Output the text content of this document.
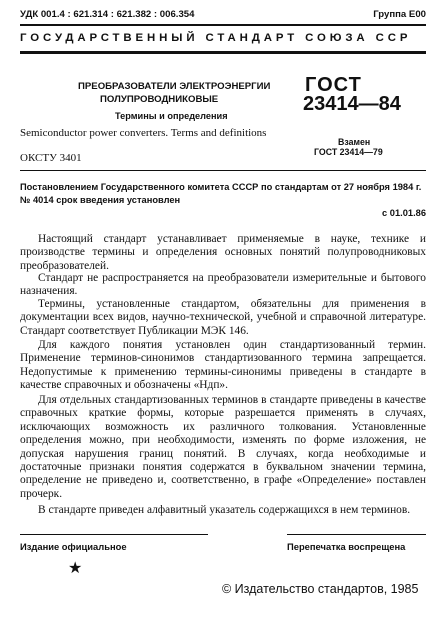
УДК 001.4 : 621.314 : 621.382 : 006.354	Группа Е00
ГОСУДАРСТВЕННЫЙ СТАНДАРТ СОЮЗА ССР
ПРЕОБРАЗОВАТЕЛИ ЭЛЕКТРОЭНЕРГИИ
ПОЛУПРОВОДНИКОВЫЕ
Термины и определения
Semiconductor power converters. Terms and definitions
ГОСТ
23414—84
Взамен
ГОСТ 23414—79
ОКСТУ 3401
Постановлением Государственного комитета СССР по стандартам от 27 ноября 1984 г. № 4014 срок введения установлен
с 01.01.86

Настоящий стандарт устанавливает применяемые в науке, технике и производстве термины и определения основных понятий полупроводниковых преобразователей.

Стандарт не распространяется на преобразователи измерительные и бытового назначения.

Термины, установленные стандартом, обязательны для применения в документации всех видов, научно-технической, учебной и справочной литературе. Стандарт соответствует Публикации МЭК 146.

Для каждого понятия установлен один стандартизованный термин. Применение терминов-синонимов стандартизованного термина запрещается. Недопустимые к применению термины-синонимы приведены в стандарте в качестве справочных и обозначены «Ндп».

Для отдельных стандартизованных терминов в стандарте приведены в качестве справочных краткие формы, которые разрешается применять в случаях, исключающих возможность их различного толкования. Установленные определения можно, при необходимости, изменять по форме изложения, не допуская нарушения границ понятий. В случаях, когда необходимые и достаточные признаки понятия содержатся в буквальном значении термина, определение не приведено и, соответственно, в графе «Определение» поставлен прочерк.

В стандарте приведен алфавитный указатель содержащихся в нем терминов.

Издание официальное	Перепечатка воспрещена
★
© Издательство стандартов, 1985
